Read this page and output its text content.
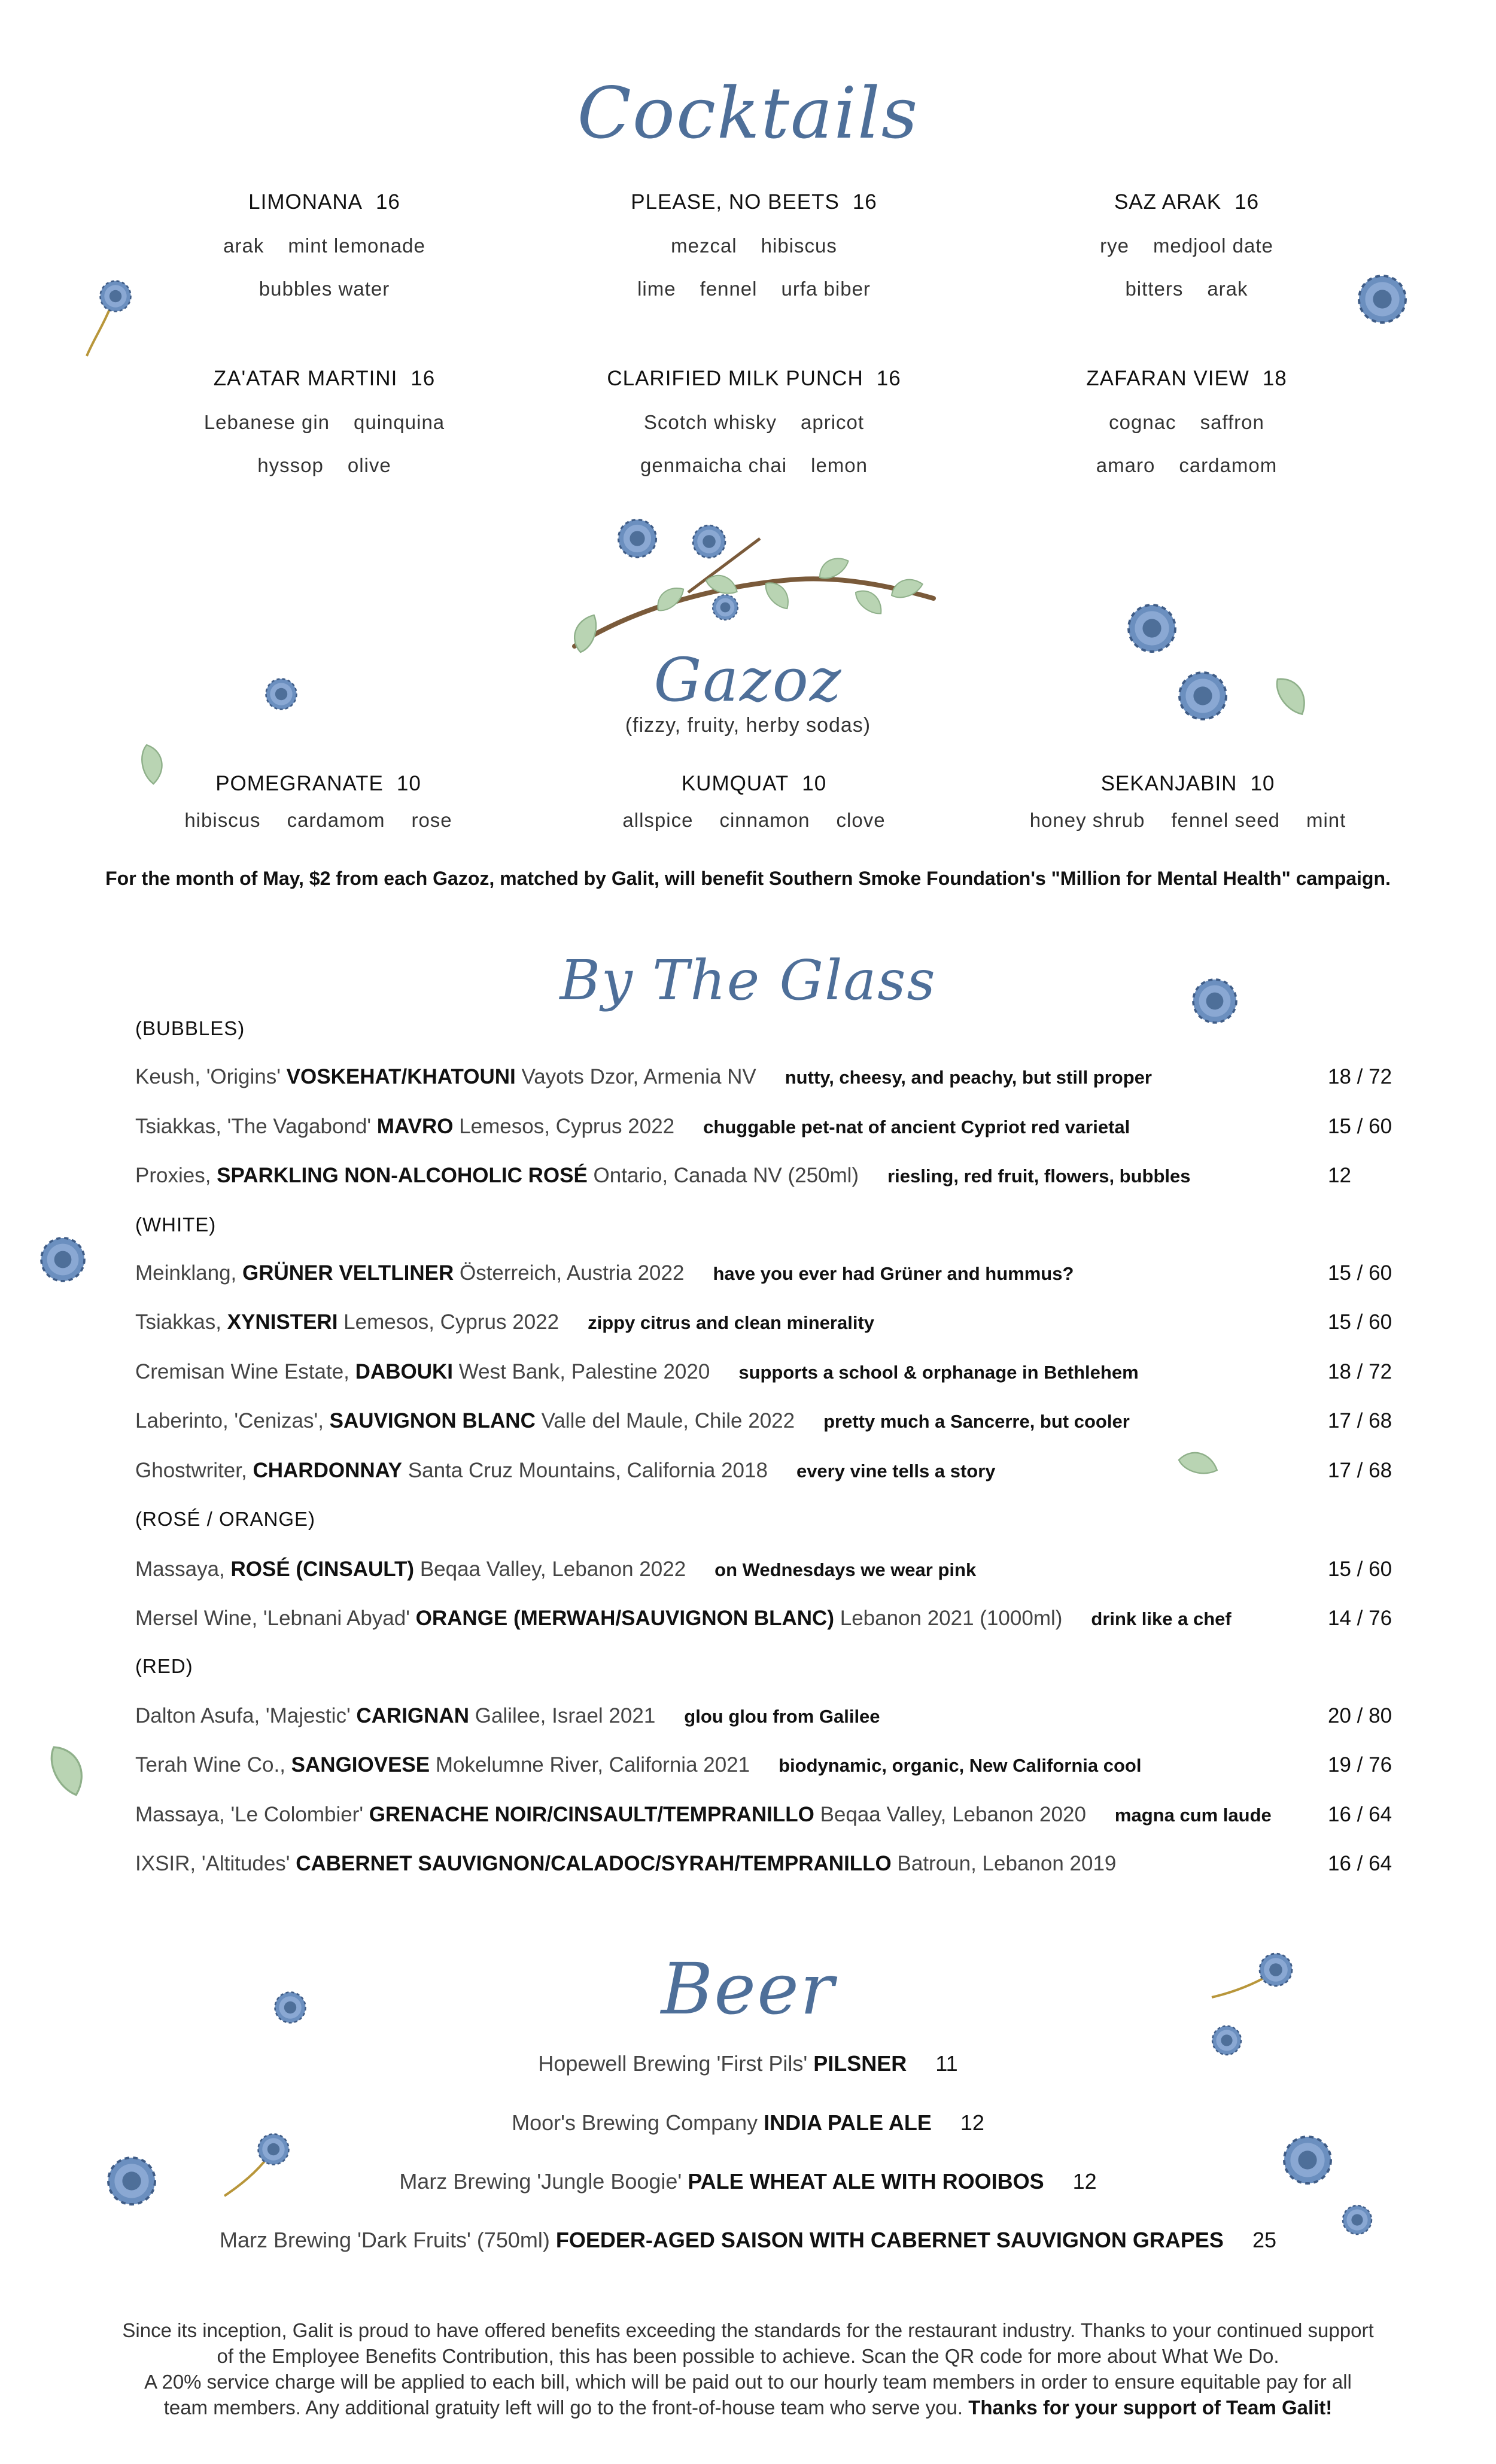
Cocktails
LIMONANA 16
arak mint lemonade
bubbles water
PLEASE, NO BEETS 16
mezcal hibiscus
lime fennel urfa biber
SAZ ARAK 16
rye medjool date
bitters arak
ZA'ATAR MARTINI 16
Lebanese gin quinquina
hyssop olive
CLARIFIED MILK PUNCH 16
Scotch whisky apricot
genmaicha chai lemon
ZAFARAN VIEW 18
cognac saffron
amaro cardamom
Gazoz
(fizzy, fruity, herby sodas)
POMEGRANATE 10
hibiscus cardamom rose
KUMQUAT 10
allspice cinnamon clove
SEKANJABIN 10
honey shrub fennel seed mint
For the month of May, $2 from each Gazoz, matched by Galit, will benefit Southern Smoke Foundation's "Million for Mental Health" campaign.
By The Glass
(BUBBLES)
Keush, 'Origins' VOSKEHAT/KHATOUNI Vayots Dzor, Armenia NV nutty, cheesy, and peachy, but still proper	18 / 72
Tsiakkas, 'The Vagabond' MAVRO Lemesos, Cyprus 2022 chuggable pet-nat of ancient Cypriot red varietal	15 / 60
Proxies, SPARKLING NON-ALCOHOLIC ROSÉ Ontario, Canada NV (250ml) riesling, red fruit, flowers, bubbles	12
(WHITE)
Meinklang, GRÜNER VELTLINER Österreich, Austria 2022 have you ever had Grüner and hummus?	15 / 60
Tsiakkas, XYNISTERI Lemesos, Cyprus 2022 zippy citrus and clean minerality	15 / 60
Cremisan Wine Estate, DABOUKI West Bank, Palestine 2020 supports a school & orphanage in Bethlehem	18 / 72
Laberinto, 'Cenizas', SAUVIGNON BLANC Valle del Maule, Chile 2022 pretty much a Sancerre, but cooler	17 / 68
Ghostwriter, CHARDONNAY Santa Cruz Mountains, California 2018 every vine tells a story	17 / 68
(ROSÉ / ORANGE)
Massaya, ROSÉ (CINSAULT) Beqaa Valley, Lebanon 2022 on Wednesdays we wear pink	15 / 60
Mersel Wine, 'Lebnani Abyad' ORANGE (MERWAH/SAUVIGNON BLANC) Lebanon 2021 (1000ml) drink like a chef	14 / 76
(RED)
Dalton Asufa, 'Majestic' CARIGNAN Galilee, Israel 2021 glou glou from Galilee	20 / 80
Terah Wine Co., SANGIOVESE Mokelumne River, California 2021 biodynamic, organic, New California cool	19 / 76
Massaya, 'Le Colombier' GRENACHE NOIR/CINSAULT/TEMPRANILLO Beqaa Valley, Lebanon 2020 magna cum laude	16 / 64
IXSIR, 'Altitudes' CABERNET SAUVIGNON/CALADOC/SYRAH/TEMPRANILLO Batroun, Lebanon 2019	16 / 64
Beer
Hopewell Brewing 'First Pils' PILSNER 11
Moor's Brewing Company INDIA PALE ALE 12
Marz Brewing 'Jungle Boogie' PALE WHEAT ALE WITH ROOIBOS 12
Marz Brewing 'Dark Fruits' (750ml) FOEDER-AGED SAISON WITH CABERNET SAUVIGNON GRAPES 25
Since its inception, Galit is proud to have offered benefits exceeding the standards for the restaurant industry. Thanks to your continued support
of the Employee Benefits Contribution, this has been possible to achieve. Scan the QR code for more about What We Do.
A 20% service charge will be applied to each bill, which will be paid out to our hourly team members in order to ensure equitable pay for all
team members. Any additional gratuity left will go to the front-of-house team who serve you. Thanks for your support of Team Galit!
